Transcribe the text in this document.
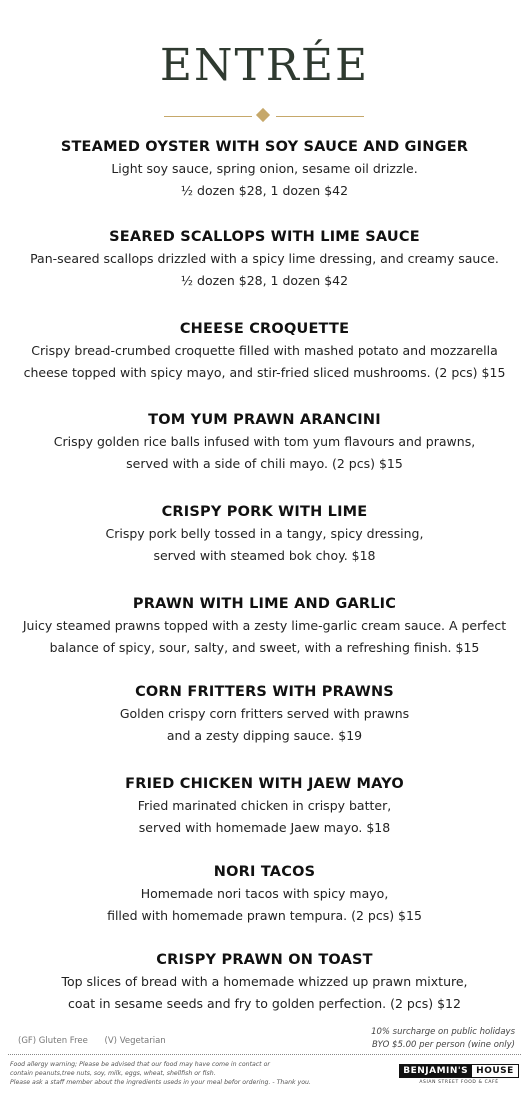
ENTRÉE
STEAMED OYSTER WITH SOY SAUCE AND GINGER
Light soy sauce, spring onion, sesame oil drizzle.
½ dozen $28, 1 dozen $42
SEARED SCALLOPS WITH LIME SAUCE
Pan-seared scallops drizzled with a spicy lime dressing, and creamy sauce.
½ dozen $28, 1 dozen $42
CHEESE CROQUETTE
Crispy bread-crumbed croquette filled with mashed potato and mozzarella
cheese topped with spicy mayo, and stir-fried sliced mushrooms. (2 pcs) $15
TOM YUM PRAWN ARANCINI
Crispy golden rice balls infused with tom yum flavours and prawns,
served with a side of chili mayo. (2 pcs) $15
CRISPY PORK WITH LIME
Crispy pork belly tossed in a tangy, spicy dressing,
served with steamed bok choy. $18
PRAWN WITH LIME AND GARLIC
Juicy steamed prawns topped with a zesty lime-garlic cream sauce. A perfect
balance of spicy, sour, salty, and sweet, with a refreshing finish. $15
CORN FRITTERS WITH PRAWNS
Golden crispy corn fritters served with prawns
and a zesty dipping sauce. $19
FRIED CHICKEN WITH JAEW MAYO
Fried marinated chicken in crispy batter,
served with homemade Jaew mayo. $18
NORI TACOS
Homemade nori tacos with spicy mayo,
filled with homemade prawn tempura. (2 pcs) $15
CRISPY PRAWN ON TOAST
Top slices of bread with a homemade whizzed up prawn mixture,
coat in sesame seeds and fry to golden perfection. (2 pcs) $12
(GF) Gluten Free (V) Vegetarian
10% surcharge on public holidays
BYO $5.00 per person (wine only)
Food allergy warning; Please be advised that our food may have come in contact or
contain peanuts,tree nuts, soy, milk, eggs, wheat, shellfish or fish.
Please ask a staff member about the ingredients useds in your meal befor ordering. - Thank you.
BENJAMIN'S HOUSE
ASIAN STREET FOOD & CAFÉ
